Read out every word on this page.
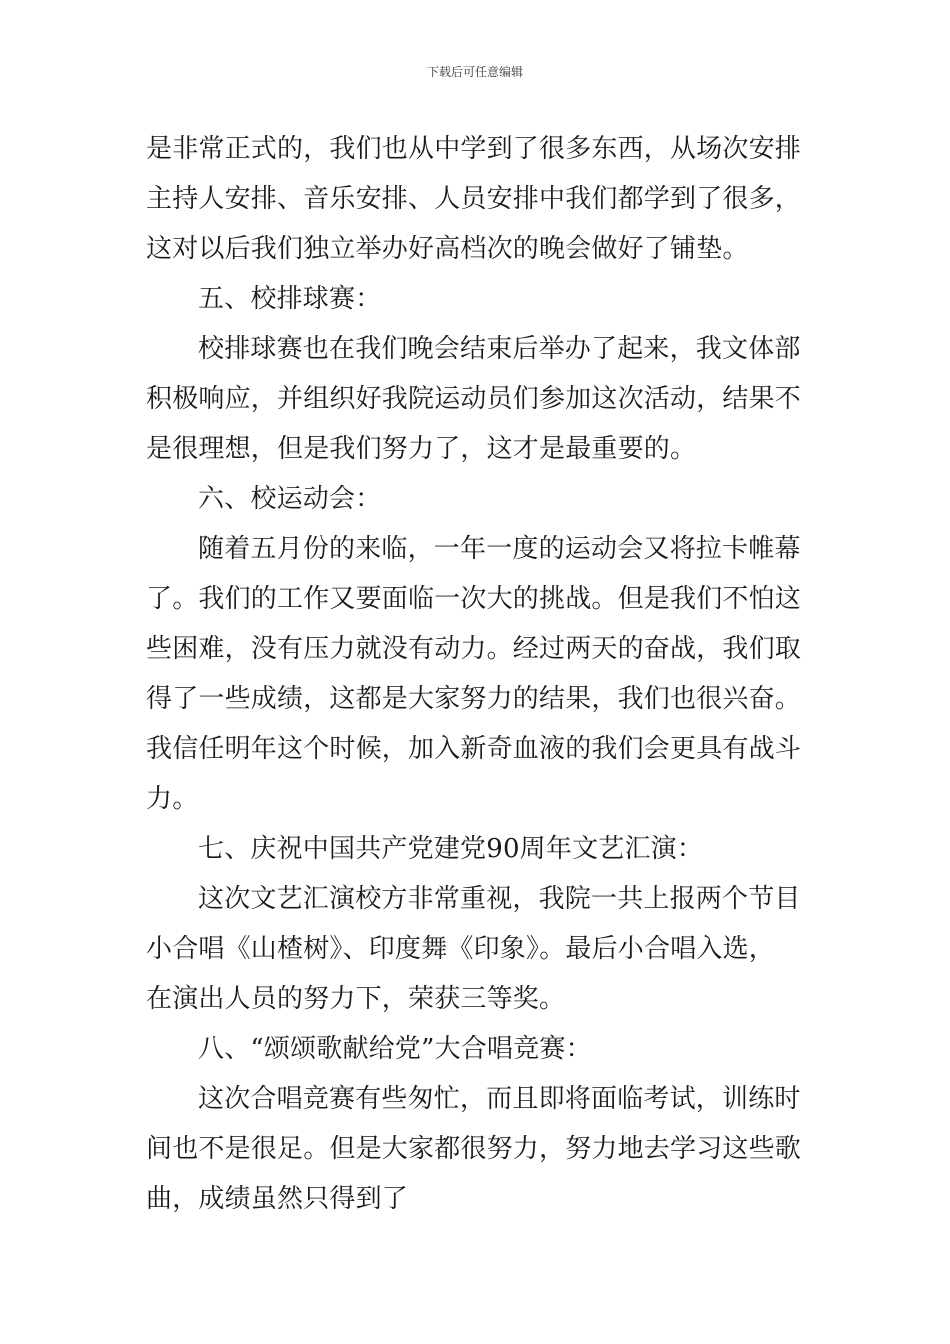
下载后可任意编辑
是非常正式的，我们也从中学到了很多东西，从场次安排
主持人安排、音乐安排、人员安排中我们都学到了很多，
这对以后我们独立举办好高档次的晚会做好了铺垫。
五、校排球赛：
校排球赛也在我们晚会结束后举办了起来，我文体部
积极响应，并组织好我院运动员们参加这次活动，结果不
是很理想，但是我们努力了，这才是最重要的。
六、校运动会：
随着五月份的来临，一年一度的运动会又将拉卡帷幕
了。我们的工作又要面临一次大的挑战。但是我们不怕这
些困难，没有压力就没有动力。经过两天的奋战，我们取
得了一些成绩，这都是大家努力的结果，我们也很兴奋。
我信任明年这个时候，加入新奇血液的我们会更具有战斗
力。
七、庆祝中国共产党建党90周年文艺汇演：
这次文艺汇演校方非常重视，我院一共上报两个节目
小合唱《山楂树》、印度舞《印象》。最后小合唱入选，
在演出人员的努力下，荣获三等奖。
八、“颂颂歌献给党”大合唱竞赛：
这次合唱竞赛有些匆忙，而且即将面临考试，训练时
间也不是很足。但是大家都很努力，努力地去学习这些歌
曲，成绩虽然只得到了
